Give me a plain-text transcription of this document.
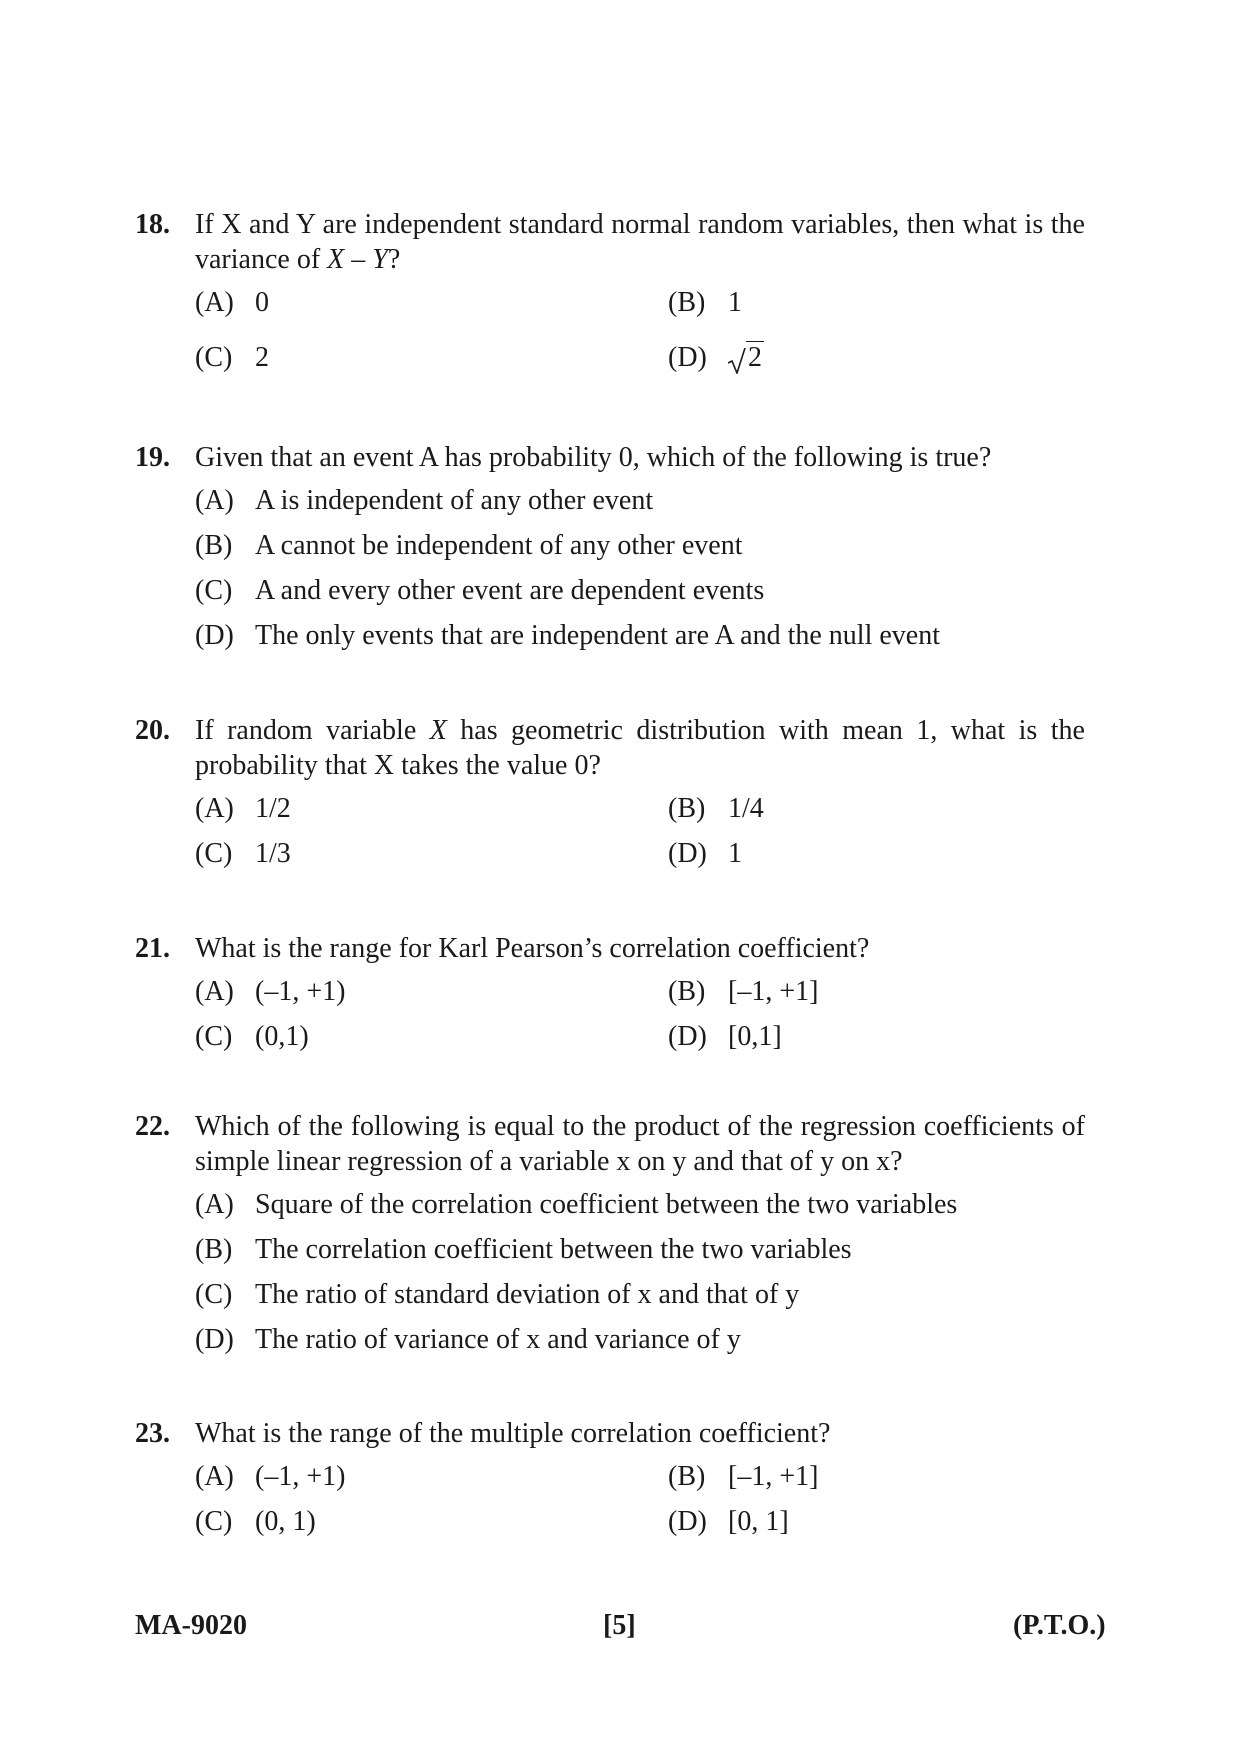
18. If X and Y are independent standard normal random variables, then what is the variance of X – Y?
(A) 0	(B) 1
(C) 2	(D) 2
19. Given that an event A has probability 0, which of the following is true?
(A) A is independent of any other event
(B) A cannot be independent of any other event
(C) A and every other event are dependent events
(D) The only events that are independent are A and the null event
20. If random variable X has geometric distribution with mean 1, what is the probability that X takes the value 0?
(A) 1/2	(B) 1/4
(C) 1/3	(D) 1
21. What is the range for Karl Pearson’s correlation coefficient?
(A) (–1, +1)	(B) [–1, +1]
(C) (0,1)	(D) [0,1]
22. Which of the following is equal to the product of the regression coefficients of simple linear regression of a variable x on y and that of y on x?
(A) Square of the correlation coefficient between the two variables
(B) The correlation coefficient between the two variables
(C) The ratio of standard deviation of x and that of y
(D) The ratio of variance of x and variance of y
23. What is the range of the multiple correlation coefficient?
(A) (–1, +1)	(B) [–1, +1]
(C) (0, 1)	(D) [0, 1]
MA-9020	[5]	(P.T.O.)
